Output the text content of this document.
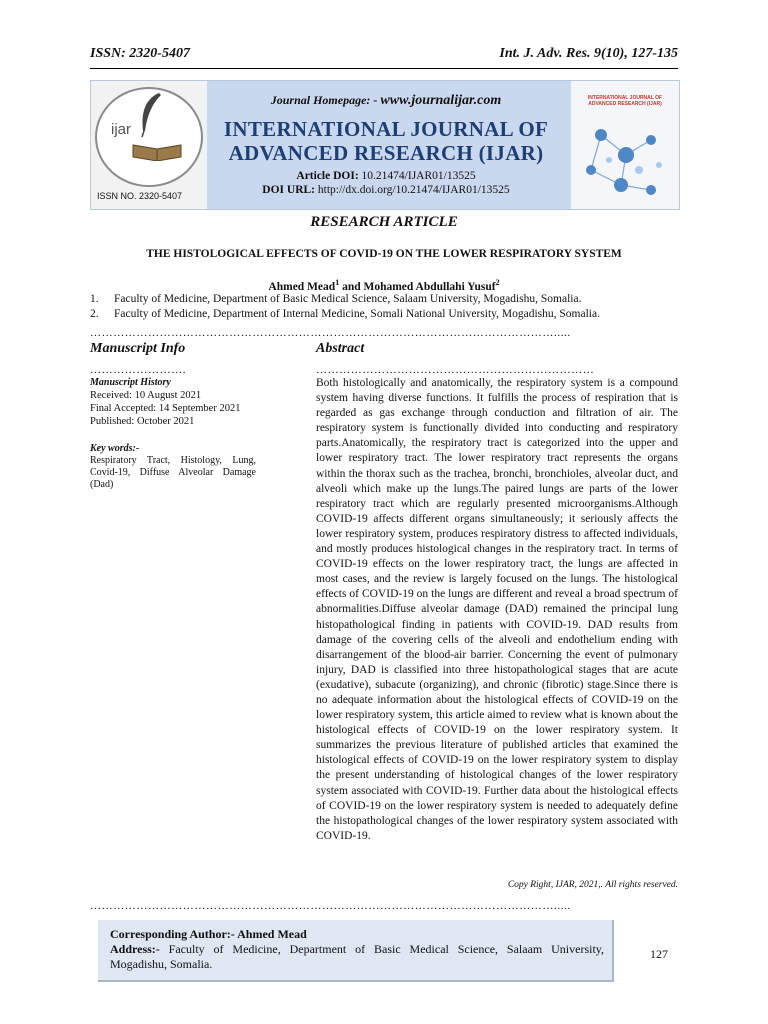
ISSN: 2320-5407	Int. J. Adv. Res. 9(10), 127-135
ijar
ISSN NO. 2320-5407
Journal Homepage: - www.journalijar.com
INTERNATIONAL JOURNAL OF
ADVANCED RESEARCH (IJAR)
Article DOI: 10.21474/IJAR01/13525
DOI URL: http://dx.doi.org/10.21474/IJAR01/13525
INTERNATIONAL JOURNAL OF ADVANCED RESEARCH (IJAR)
RESEARCH ARTICLE
THE HISTOLOGICAL EFFECTS OF COVID-19 ON THE LOWER RESPIRATORY SYSTEM
Ahmed Mead$^1$ and Mohamed Abdullahi Yusuf$^2$
1. Faculty of Medicine, Department of Basic Medical Science, Salaam University, Mogadishu, Somalia.
2. Faculty of Medicine, Department of Internal Medicine, Somali National University, Mogadishu, Somalia.
………………………………………………………………………………………………………….....
Manuscript Info	Abstract
…………………….	………………………………………………………………
Manuscript History
Received: 10 August 2021
Final Accepted: 14 September 2021
Published: October 2021
Key words:-
Respiratory Tract, Histology, Lung, Covid-19, Diffuse Alveolar Damage (Dad)
Both histologically and anatomically, the respiratory system is a compound system having diverse functions. It fulfills the process of respiration that is regarded as gas exchange through conduction and filtration of air. The respiratory system is functionally divided into conducting and respiratory parts.Anatomically, the respiratory tract is categorized into the upper and lower respiratory tract. The lower respiratory tract represents the organs within the thorax such as the trachea, bronchi, bronchioles, alveolar duct, and alveoli which make up the lungs.The paired lungs are parts of the lower respiratory tract which are regularly presented microorganisms.Although COVID-19 affects different organs simultaneously; it seriously affects the lower respiratory system, produces respiratory distress to affected individuals, and mostly produces histological changes in the respiratory tract. In terms of COVID-19 effects on the lower respiratory tract, the lungs are affected in most cases, and the review is largely focused on the lungs. The histological effects of COVID-19 on the lungs are different and reveal a broad spectrum of abnormalities.Diffuse alveolar damage (DAD) remained the principal lung histopathological finding in patients with COVID-19. DAD results from damage of the covering cells of the alveoli and endothelium ending with disarrangement of the blood-air barrier. Concerning the event of pulmonary injury, DAD is classified into three histopathological stages that are acute (exudative), subacute (organizing), and chronic (fibrotic) stage.Since there is no adequate information about the histological effects of COVID-19 on the lower respiratory system, this article aimed to review what is known about the histological effects of COVID-19 on the lower respiratory system. It summarizes the previous literature of published articles that examined the histological effects of COVID-19 on the lower respiratory system to display the present understanding of histological changes of the lower respiratory system associated with COVID-19. Further data about the histological effects of COVID-19 on the lower respiratory system is needed to adequately define the histopathological changes of the lower respiratory system associated with COVID-19.
Copy Right, IJAR, 2021,. All rights reserved.
………………………………………………………………………………………………………….....
Corresponding Author:- Ahmed Mead
Address:- Faculty of Medicine, Department of Basic Medical Science, Salaam University, Mogadishu, Somalia.
127
